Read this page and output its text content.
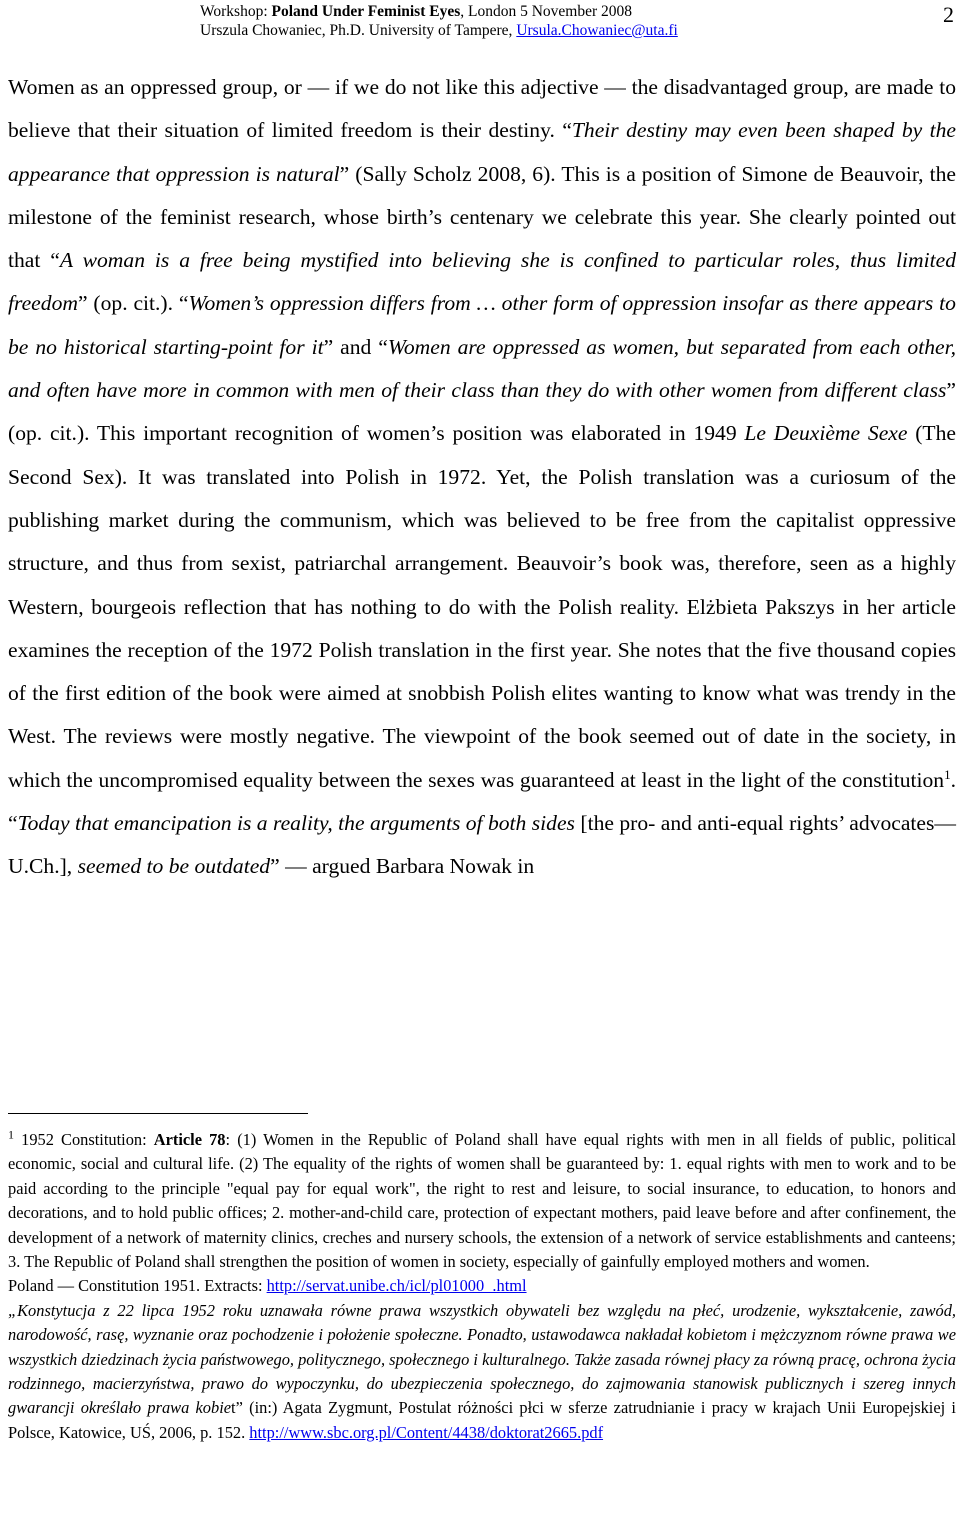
Workshop: Poland Under Feminist Eyes, London 5 November 2008
Urszula Chowaniec, Ph.D. University of Tampere, Ursula.Chowaniec@uta.fi
2

Women as an oppressed group, or — if we do not like this adjective — the disadvantaged group, are made to believe that their situation of limited freedom is their destiny. “Their destiny may even been shaped by the appearance that oppression is natural” (Sally Scholz 2008, 6). This is a position of Simone de Beauvoir, the milestone of the feminist research, whose birth’s centenary we celebrate this year. She clearly pointed out that “A woman is a free being mystified into believing she is confined to particular roles, thus limited freedom” (op. cit.). “Women’s oppression differs from … other form of oppression insofar as there appears to be no historical starting-point for it” and “Women are oppressed as women, but separated from each other, and often have more in common with men of their class than they do with other women from different class” (op. cit.). This important recognition of women’s position was elaborated in 1949 Le Deuxième Sexe (The Second Sex). It was translated into Polish in 1972. Yet, the Polish translation was a curiosum of the publishing market during the communism, which was believed to be free from the capitalist oppressive structure, and thus from sexist, patriarchal arrangement. Beauvoir’s book was, therefore, seen as a highly Western, bourgeois reflection that has nothing to do with the Polish reality. Elżbieta Pakszys in her article examines the reception of the 1972 Polish translation in the first year. She notes that the five thousand copies of the first edition of the book were aimed at snobbish Polish elites wanting to know what was trendy in the West. The reviews were mostly negative. The viewpoint of the book seemed out of date in the society, in which the uncompromised equality between the sexes was guaranteed at least in the light of the constitution$^1$. “Today that emancipation is a reality, the arguments of both sides [the pro- and anti-equal rights’ advocates— U.Ch.], seemed to be outdated” — argued Barbara Nowak in

$^1$ 1952 Constitution: Article 78: (1) Women in the Republic of Poland shall have equal rights with men in all fields of public, political economic, social and cultural life. (2) The equality of the rights of women shall be guaranteed by: 1. equal rights with men to work and to be paid according to the principle "equal pay for equal work", the right to rest and leisure, to social insurance, to education, to honors and decorations, and to hold public offices; 2. mother-and-child care, protection of expectant mothers, paid leave before and after confinement, the development of a network of maternity clinics, creches and nursery schools, the extension of a network of service establishments and canteens; 3. The Republic of Poland shall strengthen the position of women in society, especially of gainfully employed mothers and women.

Poland — Constitution 1951. Extracts: http://servat.unibe.ch/icl/pl01000_.html

„Konstytucja z 22 lipca 1952 roku uznawała równe prawa wszystkich obywateli bez względu na płeć, urodzenie, wykształcenie, zawód, narodowość, rasę, wyznanie oraz pochodzenie i położenie społeczne. Ponadto, ustawodawca nakładał kobietom i mężczyznom równe prawa we wszystkich dziedzinach życia państwowego, politycznego, społecznego i kulturalnego. Także zasada równej płacy za równą pracę, ochrona życia rodzinnego, macierzyństwa, prawo do wypoczynku, do ubezpieczenia społecznego, do zajmowania stanowisk publicznych i szereg innych gwarancji określało prawa kobiet” (in:) Agata Zygmunt, Postulat różności płci w sferze zatrudnianie i pracy w krajach Unii Europejskiej i Polsce, Katowice, UŚ, 2006, p. 152. http://www.sbc.org.pl/Content/4438/doktorat2665.pdf
